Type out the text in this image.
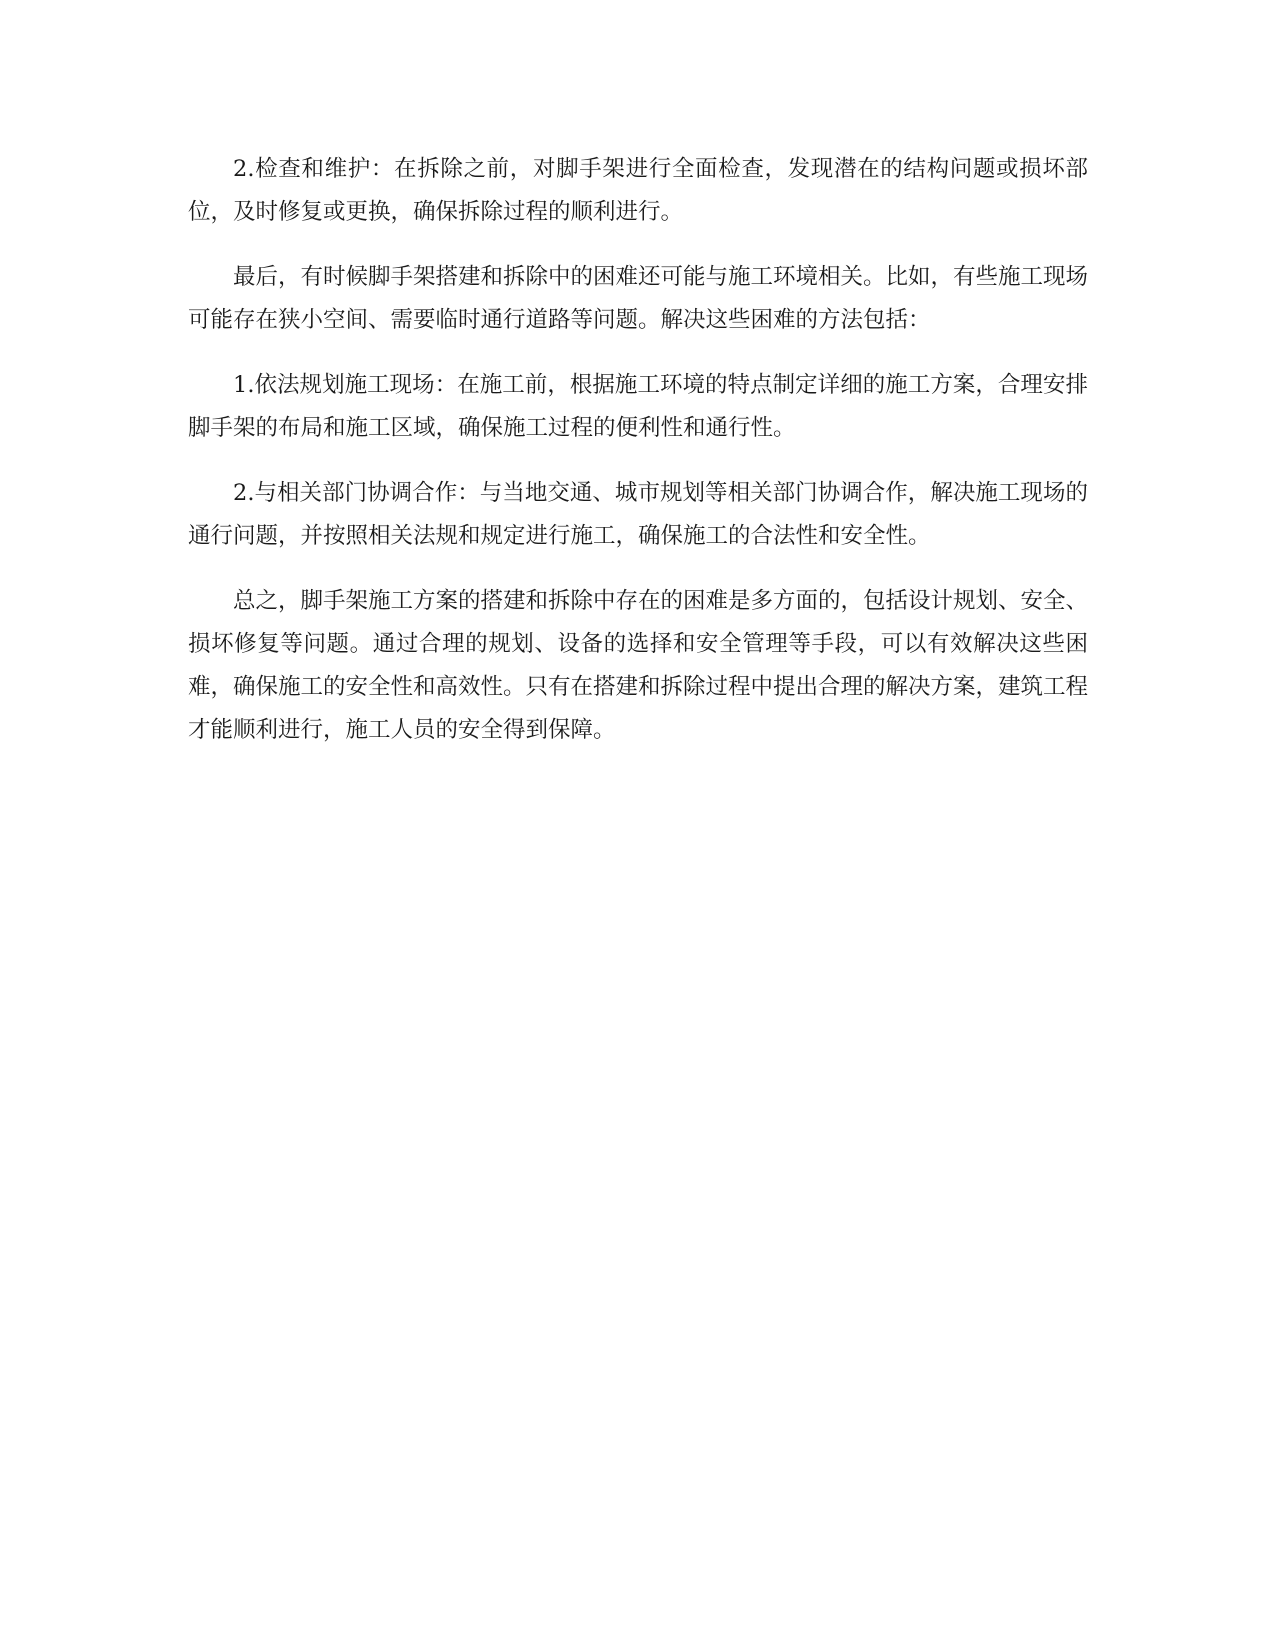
2.检查和维护：在拆除之前，对脚手架进行全面检查，发现潜在的结构问题或损坏部位，及时修复或更换，确保拆除过程的顺利进行。

最后，有时候脚手架搭建和拆除中的困难还可能与施工环境相关。比如，有些施工现场可能存在狭小空间、需要临时通行道路等问题。解决这些困难的方法包括：

1.依法规划施工现场：在施工前，根据施工环境的特点制定详细的施工方案，合理安排脚手架的布局和施工区域，确保施工过程的便利性和通行性。

2.与相关部门协调合作：与当地交通、城市规划等相关部门协调合作，解决施工现场的通行问题，并按照相关法规和规定进行施工，确保施工的合法性和安全性。

总之，脚手架施工方案的搭建和拆除中存在的困难是多方面的，包括设计规划、安全、损坏修复等问题。通过合理的规划、设备的选择和安全管理等手段，可以有效解决这些困难，确保施工的安全性和高效性。只有在搭建和拆除过程中提出合理的解决方案，建筑工程才能顺利进行，施工人员的安全得到保障。
